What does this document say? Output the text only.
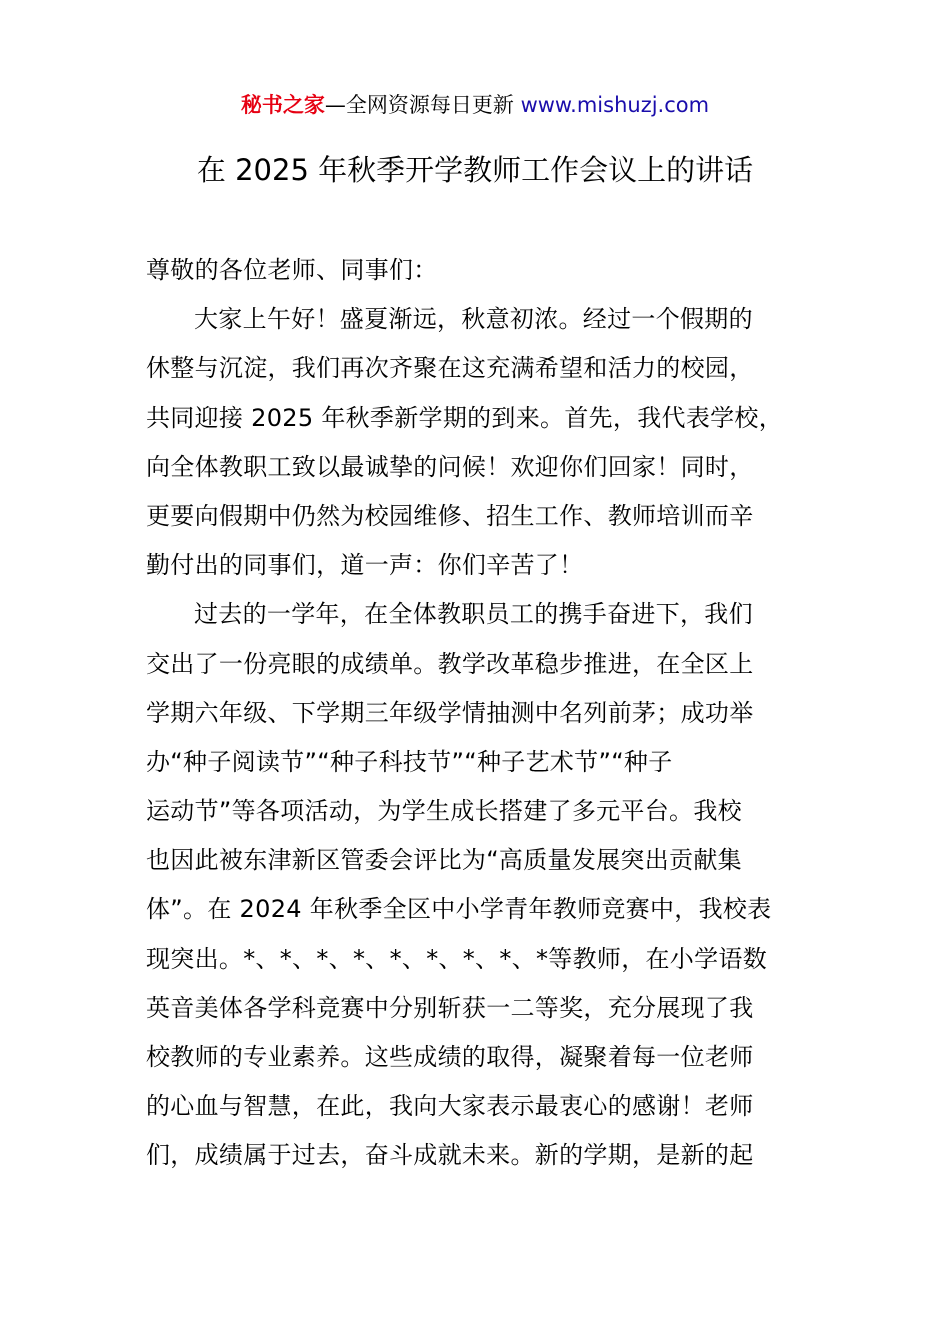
秘书之家—全网资源每日更新 www.mishuzj.com
在 2025 年秋季开学教师工作会议上的讲话
尊敬的各位老师、同事们：
大家上午好！盛夏渐远，秋意初浓。经过一个假期的
休整与沉淀，我们再次齐聚在这充满希望和活力的校园，
共同迎接 2025 年秋季新学期的到来。首先，我代表学校，
向全体教职工致以最诚挚的问候！欢迎你们回家！同时，
更要向假期中仍然为校园维修、招生工作、教师培训而辛
勤付出的同事们，道一声：你们辛苦了！
过去的一学年，在全体教职员工的携手奋进下，我们
交出了一份亮眼的成绩单。教学改革稳步推进，在全区上
学期六年级、下学期三年级学情抽测中名列前茅；成功举
办“种子阅读节”“种子科技节”“种子艺术节”“种子
运动节”等各项活动，为学生成长搭建了多元平台。我校
也因此被东津新区管委会评比为“高质量发展突出贡献集
体”。在 2024 年秋季全区中小学青年教师竞赛中，我校表
现突出。*、*、*、*、*、*、*、*、*等教师，在小学语数
英音美体各学科竞赛中分别斩获一二等奖，充分展现了我
校教师的专业素养。这些成绩的取得，凝聚着每一位老师
的心血与智慧，在此，我向大家表示最衷心的感谢！老师
们，成绩属于过去，奋斗成就未来。新的学期，是新的起
